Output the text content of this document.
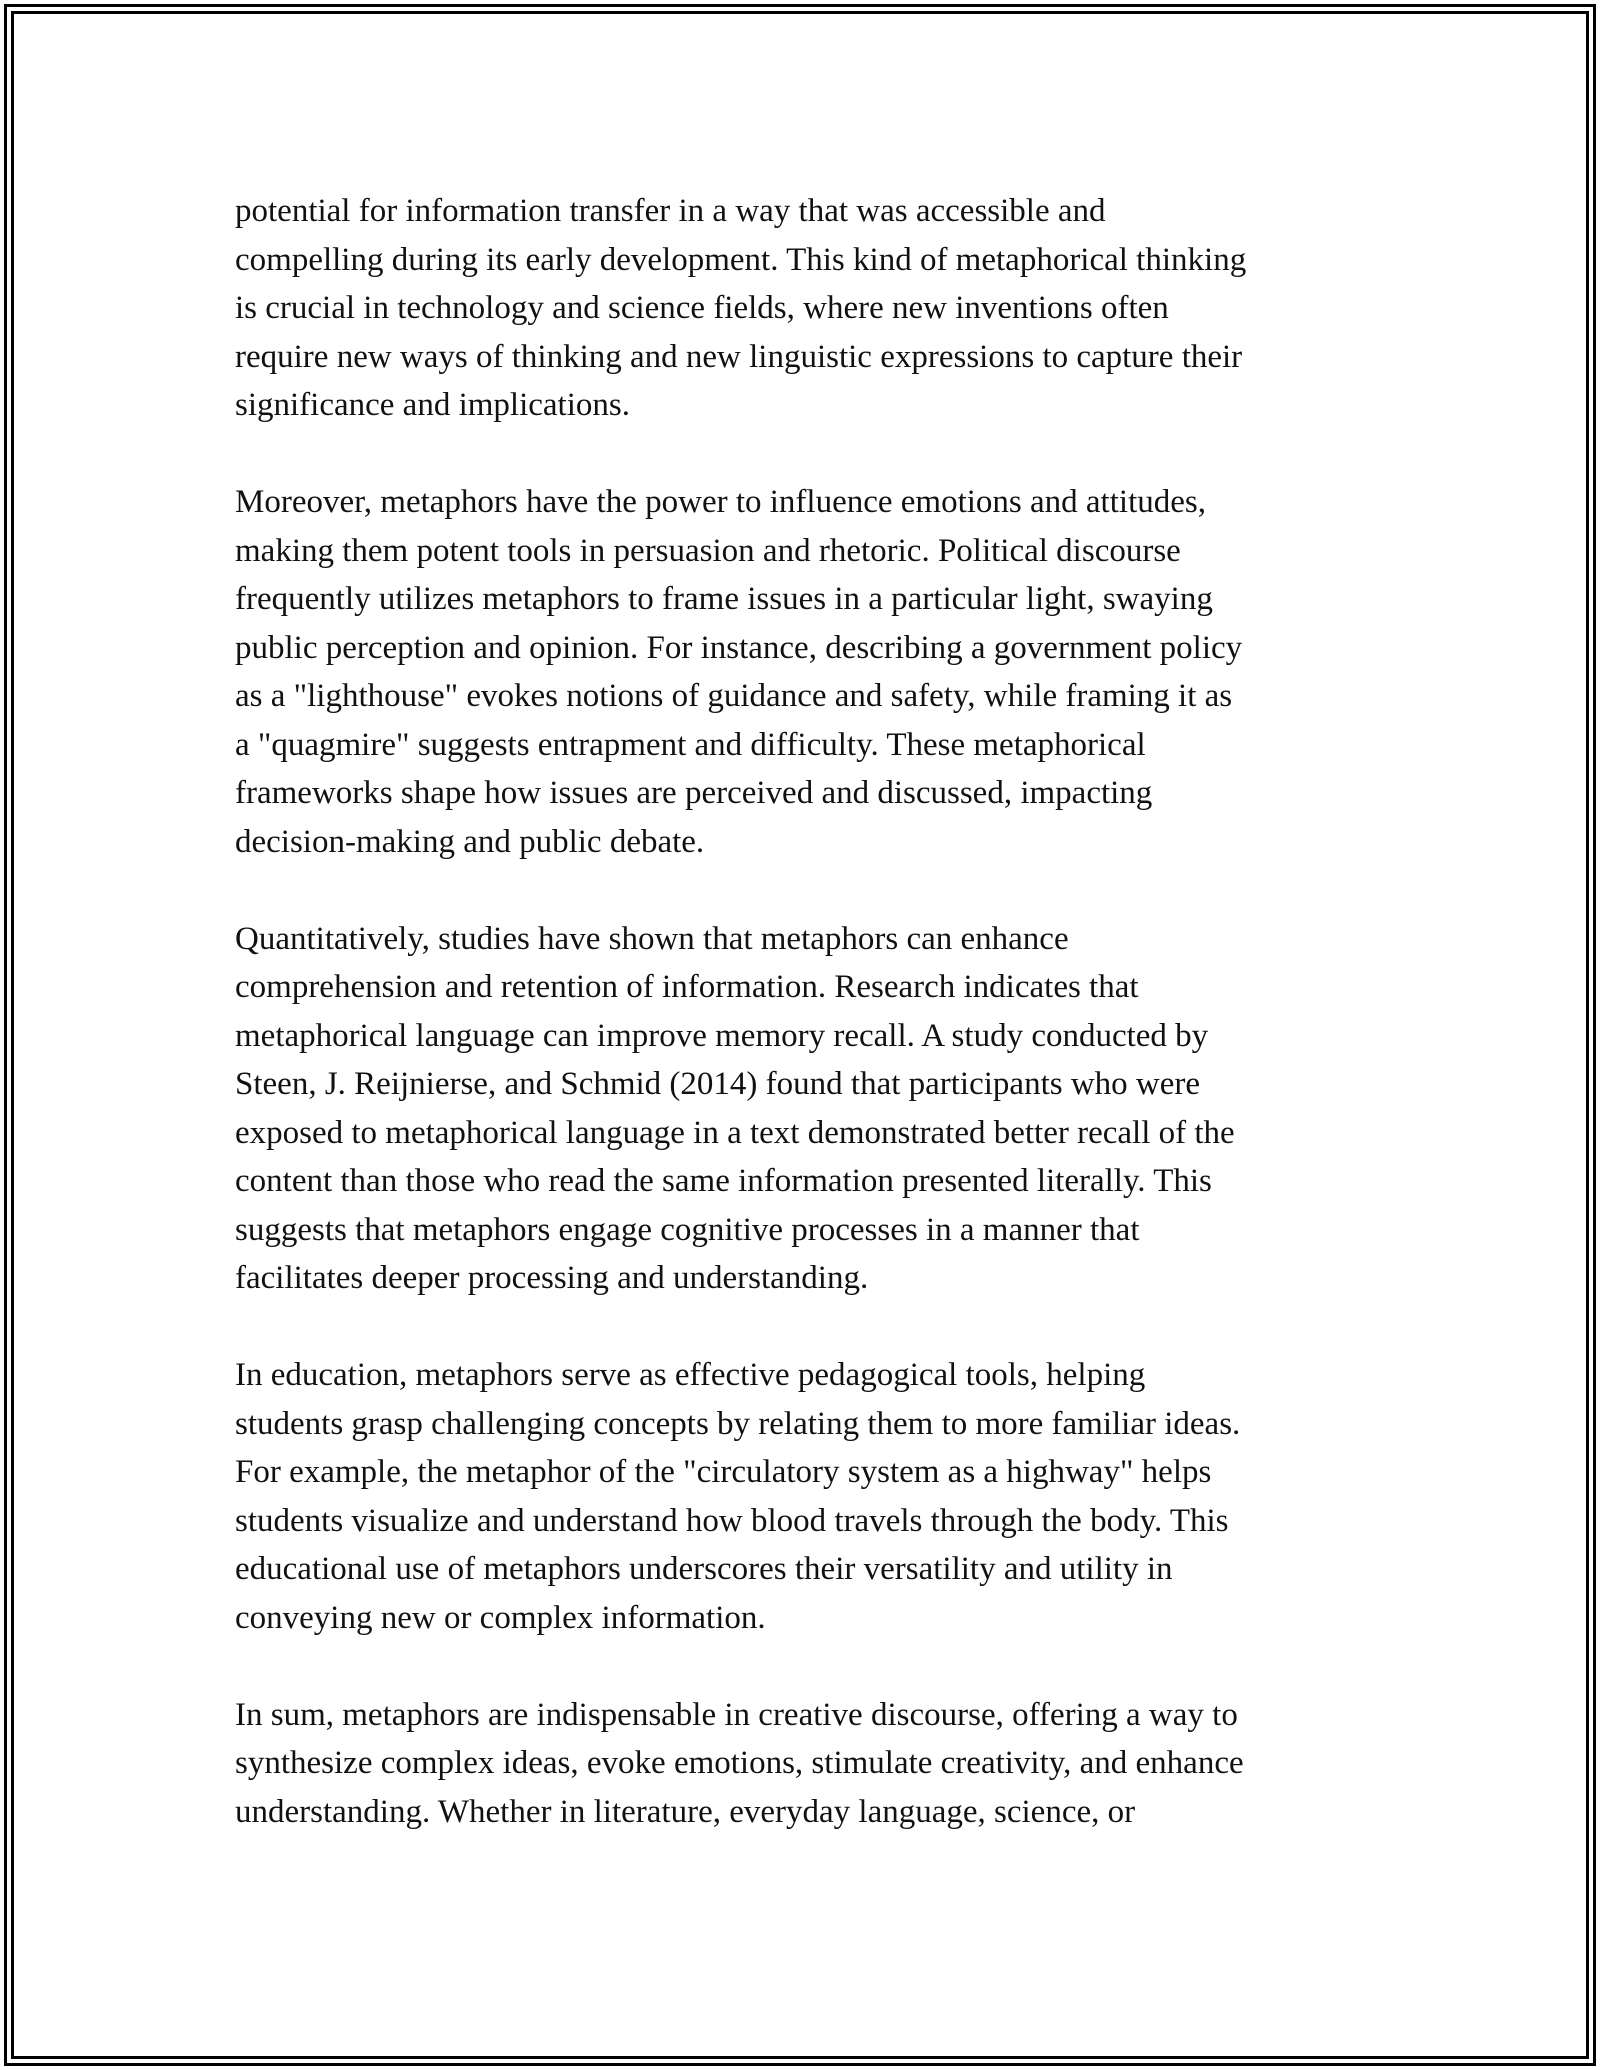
potential for information transfer in a way that was accessible and
compelling during its early development. This kind of metaphorical thinking
is crucial in technology and science fields, where new inventions often
require new ways of thinking and new linguistic expressions to capture their
significance and implications.

Moreover, metaphors have the power to influence emotions and attitudes,
making them potent tools in persuasion and rhetoric. Political discourse
frequently utilizes metaphors to frame issues in a particular light, swaying
public perception and opinion. For instance, describing a government policy
as a "lighthouse" evokes notions of guidance and safety, while framing it as
a "quagmire" suggests entrapment and difficulty. These metaphorical
frameworks shape how issues are perceived and discussed, impacting
decision-making and public debate.

Quantitatively, studies have shown that metaphors can enhance
comprehension and retention of information. Research indicates that
metaphorical language can improve memory recall. A study conducted by
Steen, J. Reijnierse, and Schmid (2014) found that participants who were
exposed to metaphorical language in a text demonstrated better recall of the
content than those who read the same information presented literally. This
suggests that metaphors engage cognitive processes in a manner that
facilitates deeper processing and understanding.

In education, metaphors serve as effective pedagogical tools, helping
students grasp challenging concepts by relating them to more familiar ideas.
For example, the metaphor of the "circulatory system as a highway" helps
students visualize and understand how blood travels through the body. This
educational use of metaphors underscores their versatility and utility in
conveying new or complex information.

In sum, metaphors are indispensable in creative discourse, offering a way to
synthesize complex ideas, evoke emotions, stimulate creativity, and enhance
understanding. Whether in literature, everyday language, science, or
